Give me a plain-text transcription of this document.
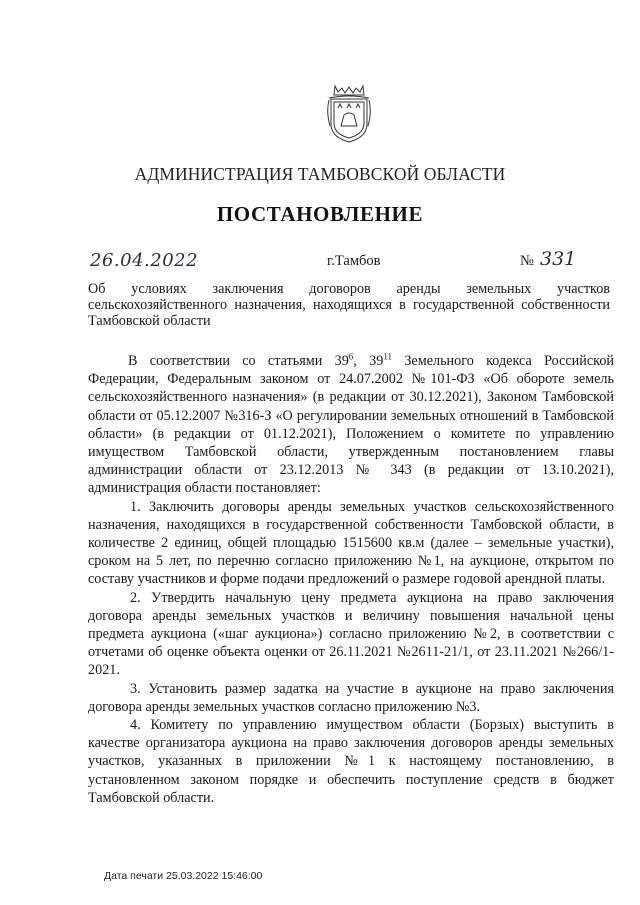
АДМИНИСТРАЦИЯ ТАМБОВСКОЙ ОБЛАСТИ
ПОСТАНОВЛЕНИЕ
26.04.2022	г.Тамбов	№ 331
Об условиях заключения договоров аренды земельных участков сельскохозяйственного назначения, находящихся в государственной собственности Тамбовской области

В соответствии со статьями $39^6$, $39^{11}$ Земельного кодекса Российской Федерации, Федеральным законом от 24.07.2002 №101-ФЗ «Об обороте земель сельскохозяйственного назначения» (в редакции от 30.12.2021), Законом Тамбовской области от 05.12.2007 №316-З «О регулировании земельных отношений в Тамбовской области» (в редакции от 01.12.2021), Положением о комитете по управлению имуществом Тамбовской области, утвержденным постановлением главы администрации области от 23.12.2013 № 343 (в редакции от 13.10.2021), администрация области постановляет:

1. Заключить договоры аренды земельных участков сельскохозяйственного назначения, находящихся в государственной собственности Тамбовской области, в количестве 2 единиц, общей площадью 1515600 кв.м (далее – земельные участки), сроком на 5 лет, по перечню согласно приложению №1, на аукционе, открытом по составу участников и форме подачи предложений о размере годовой арендной платы.

2. Утвердить начальную цену предмета аукциона на право заключения договора аренды земельных участков и величину повышения начальной цены предмета аукциона («шаг аукциона») согласно приложению №2, в соответствии с отчетами об оценке объекта оценки от 26.11.2021 №2611-21/1, от 23.11.2021 №266/1-2021.

3. Установить размер задатка на участие в аукционе на право заключения договора аренды земельных участков согласно приложению №3.

4. Комитету по управлению имуществом области (Борзых) выступить в качестве организатора аукциона на право заключения договоров аренды земельных участков, указанных в приложении №1 к настоящему постановлению, в установленном законом порядке и обеспечить поступление средств в бюджет Тамбовской области.

Дата печати 25.03.2022 15:46:00
